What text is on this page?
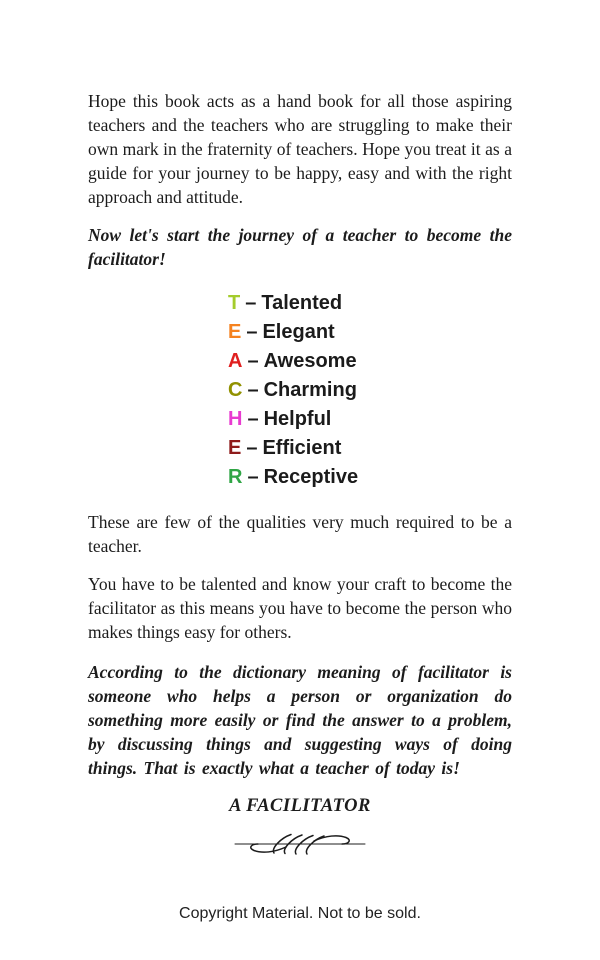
Hope this book acts as a hand book for all those aspiring teachers and the teachers who are struggling to make their own mark in the fraternity of teachers. Hope you treat it as a guide for your journey to be happy, easy and with the right approach and attitude.

Now let's start the journey of a teacher to become the facilitator!

T – Talented
E – Elegant
A – Awesome
C – Charming
H – Helpful
E – Efficient
R – Receptive

These are few of the qualities very much required to be a teacher.

You have to be talented and know your craft to become the facilitator as this means you have to become the person who makes things easy for others.

According to the dictionary meaning of facilitator is someone who helps a person or organization do something more easily or find the answer to a problem, by discussing things and suggesting ways of doing things. That is exactly what a teacher of today is!

A FACILITATOR
Copyright Material. Not to be sold.
